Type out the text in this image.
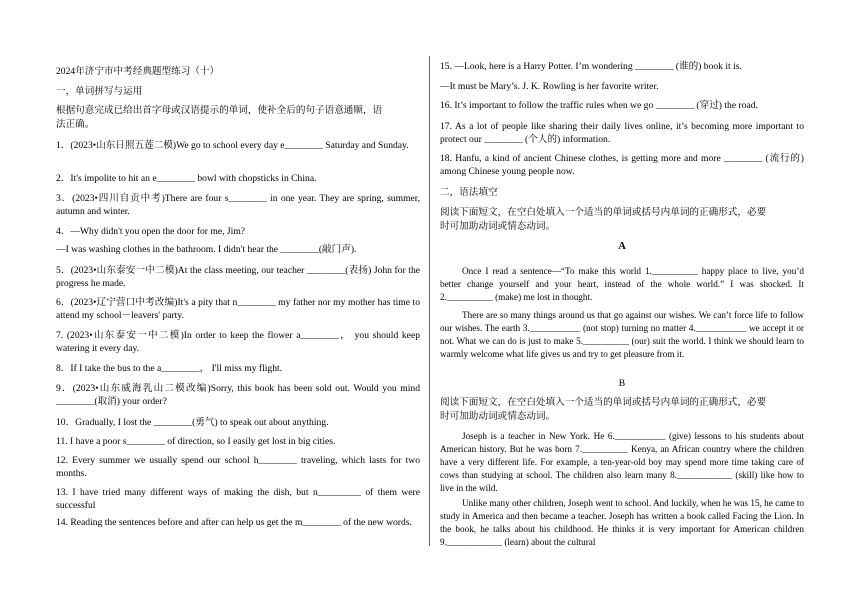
2024年济宁市中考经典题型练习（十）
一，单词拼写与运用
根据句意完成已给出首字母或汉语提示的单词，使补全后的句子语意通顺，语
法正确。
1．(2023•山东日照五莲二模)We go to school every day e________ Saturday and Sunday.
2．It's impolite to hit an e________ bowl with chopsticks in China.
3．(2023•四川自贡中考)There are four s________ in one year. They are spring, summer, autumn and winter.
4．—Why didn't you open the door for me, Jim?
—I was washing clothes in the bathroom. I didn't hear the ________(敲门声).
5．(2023•山东泰安一中二模)At the class meeting, our teacher ________(表扬) John for the progress he made.
6．(2023•辽宁营口中考改编)It's a pity that n________ my father nor my mother has time to attend my school－leavers' party.
7. (2023•山东泰安一中二模)In order to keep the flower a________， you should keep watering it every day.
8．If I take the bus to the a________， I'll miss my flight.
9．(2023•山东威海乳山二模改编)Sorry, this book has been sold out. Would you mind ________(取消) your order?
10．Gradually, I lost the ________(勇气) to speak out about anything.
11. I have a poor s________ of direction, so I easily get lost in big cities.
12. Every summer we usually spend our school h________ traveling, which lasts for two months.
13. I have tried many different ways of making the dish, but n_________ of them were successful
14. Reading the sentences before and after can help us get the m________ of the new words.
15. —Look, here is a Harry Potter. I’m wondering ________ (谁的) book it is.
—It must be Mary’s. J. K. Rowling is her favorite writer.
16. It’s important to follow the traffic rules when we go ________ (穿过) the road.
17. As a lot of people like sharing their daily lives online, it’s becoming more important to protect our ________ (个人的) information.
18. Hanfu, a kind of ancient Chinese clothes, is getting more and more ________ (流行的) among Chinese young people now.
二，语法填空
阅读下面短文，在空白处填入一个适当的单词或括号内单词的正确形式，必要
时可加助动词或情态动词。
A
Once I read a sentence—“To make this world 1.__________ happy place to live, you’d better change yourself and your heart, instead of the whole world.” I was shocked. It 2.__________ (make) me lost in thought.
There are so many things around us that go against our wishes. We can’t force life to follow our wishes. The earth 3.___________ (not stop) turning no matter 4.___________ we accept it or not. What we can do is just to make 5.__________ (our) suit the world. I think we should learn to warmly welcome what life gives us and try to get pleasure from it.
B
阅读下面短文，在空白处填入一个适当的单词或括号内单词的正确形式，必要
时可加助动词或情态动词。
Joseph is a teacher in New York. He 6.___________ (give) lessons to his students about American history. But he was born 7.__________ Kenya, an African country where the children have a very different life. For example, a ten-year-old boy may spend more time taking care of cows than studying at school. The children also learn many 8.____________ (skill) like how to live in the wild.
Unlike many other children, Joseph went to school. And luckily, when he was 15, he came to study in America and then became a teacher. Joseph has written a book called Facing the Lion. In the book, he talks about his childhood. He thinks it is very important for American children 9.____________ (learn) about the cultural
